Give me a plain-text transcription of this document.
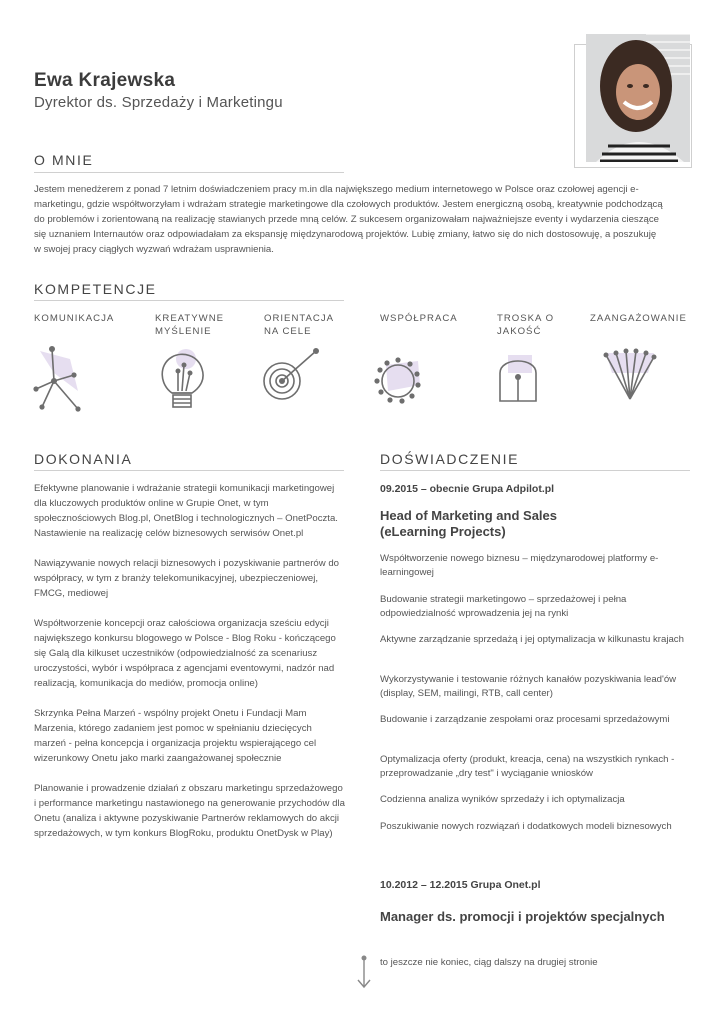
Ewa Krajewska
Dyrektor ds. Sprzedaży i Marketingu
O MNIE
Jestem menedżerem z ponad 7 letnim doświadczeniem pracy m.in dla największego medium internetowego w Polsce oraz czołowej agencji e-marketingu, gdzie współtworzyłam i wdrażam strategie marketingowe dla czołowych produktów. Jestem energiczną osobą, kreatywnie podchodzącą do problemów i zorientowaną na realizację stawianych przede mną celów. Z sukcesem organizowałam najważniejsze eventy i wydarzenia cieszące się uznaniem Internautów oraz odpowiadałam za ekspansję międzynarodową projektów. Lubię zmiany, łatwo się do nich dostosowuję, a poszukuję w swojej pracy ciągłych wyzwań wdrażam usprawnienia.
KOMPETENCJE
KOMUNIKACJA	KREATYWNE MYŚLENIE
ORIENTACJA NA CELE
WSPÓŁPRACA	TROSKA O JAKOŚĆ
ZAANGAŻOWANIE
DOKONANIA

Efektywne planowanie i wdrażanie strategii komunikacji marketingowej dla kluczowych produktów online w Grupie Onet, w tym społecznościowych Blog.pl, OnetBlog i technologicznych – OnetPoczta. Nastawienie na realizację celów biznesowych serwisów Onet.pl

Nawiązywanie nowych relacji biznesowych i pozyskiwanie partnerów do współpracy, w tym z branży telekomunikacyjnej, ubezpieczeniowej, FMCG, mediowej

Współtworzenie koncepcji oraz całościowa organizacja sześciu edycji największego konkursu blogowego w Polsce - Blog Roku - kończącego się Galą dla kilkuset uczestników (odpowiedzialność za scenariusz uroczystości, wybór i współpraca z agencjami eventowymi, nadzór nad realizacją, komunikacja do mediów, promocja online)

Skrzynka Pełna Marzeń - wspólny projekt Onetu i Fundacji Mam Marzenia, którego zadaniem jest pomoc w spełnianiu dziecięcych marzeń - pełna koncepcja i organizacja projektu wspierającego cel wizerunkowy Onetu jako marki zaangażowanej społecznie

Planowanie i prowadzenie działań z obszaru marketingu sprzedażowego i performance marketingu nastawionego na generowanie przychodów dla Onetu (analiza i aktywne pozyskiwanie Partnerów reklamowych do akcji sprzedażowych, w tym konkurs BlogRoku, produktu OnetDysk w Play)

DOŚWIADCZENIE
09.2015 – obecnie Grupa Adpilot.pl
Head of Marketing and Sales
(eLearning Projects)
Współtworzenie nowego biznesu – międzynarodowej platformy e-learningowej
Budowanie strategii marketingowo – sprzedażowej i pełna odpowiedzialność wprowadzenia jej na rynki
Aktywne zarządzanie sprzedażą i jej optymalizacja w kilkunastu krajach
Wykorzystywanie i testowanie różnych kanałów pozyskiwania lead'ów (display, SEM, mailingi, RTB, call center)
Budowanie i zarządzanie zespołami oraz procesami sprzedażowymi
Optymalizacja oferty (produkt, kreacja, cena) na wszystkich rynkach - przeprowadzanie „dry test" i wyciąganie wniosków
Codzienna analiza wyników sprzedaży i ich optymalizacja
Poszukiwanie nowych rozwiązań i dodatkowych modeli biznesowych
10.2012 – 12.2015 Grupa Onet.pl
Manager ds. promocji i projektów specjalnych
to jeszcze nie koniec, ciąg dalszy na drugiej stronie
